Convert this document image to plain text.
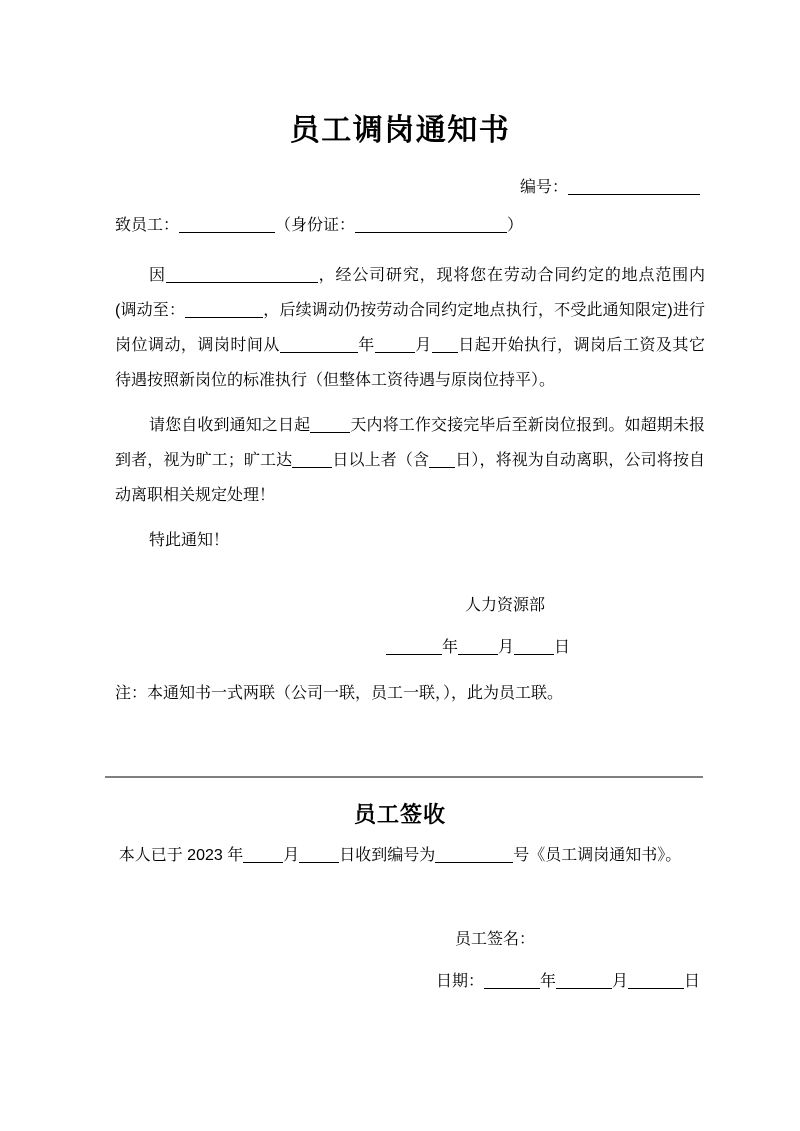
员工调岗通知书
编号：
致员工：	（身份证：	）

因	，经公司研究，现将您在劳动合同约定的地点范围内(调动至：	，后续调动仍按劳动合同约定地点执行，不受此通知限定)进行岗位调动，调岗时间从	年	月 日起开始执行，调岗后工资及其它待遇按照新岗位的标准执行（但整体工资待遇与原岗位持平）。

请您自收到通知之日起	天内将工作交接完毕后至新岗位报到。如超期未报到者，视为旷工；旷工达	日以上者（含 日），将视为自动离职，公司将按自动离职相关规定处理！

特此通知！

人力资源部
年	月	日
注：本通知书一式两联（公司一联，员工一联，），此为员工联。
员工签收
本人已于 2023 年	月	日收到编号为	号《员工调岗通知书》。
员工签名：
日期：	年	月	日
